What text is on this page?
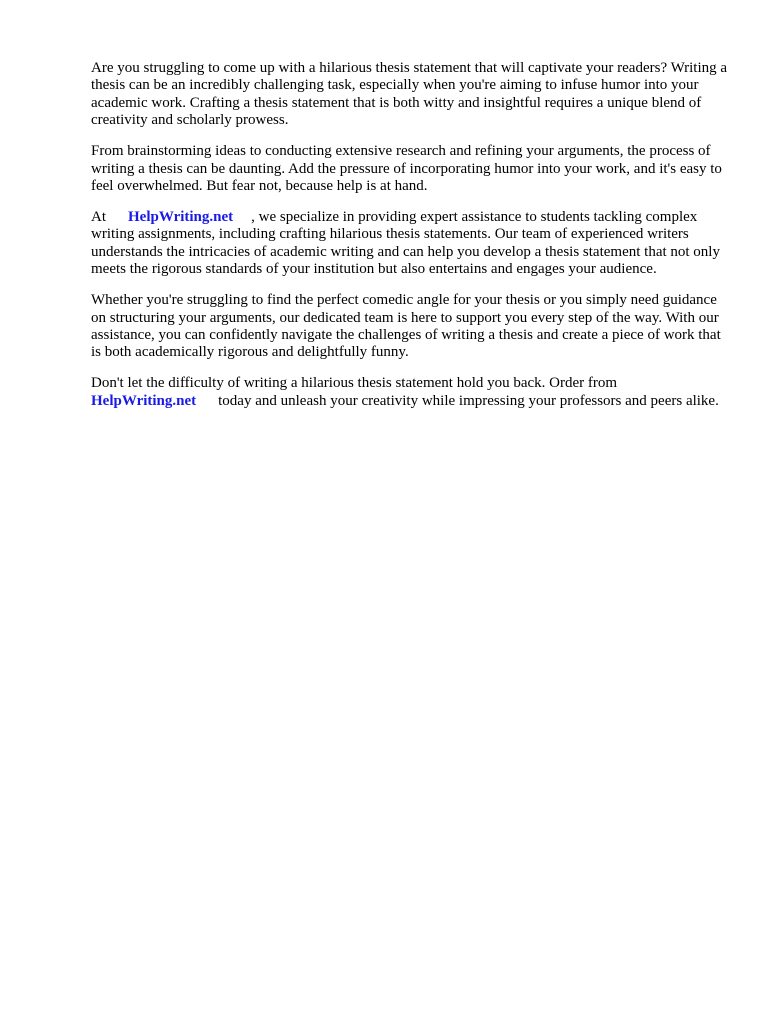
Are you struggling to come up with a hilarious thesis statement that will captivate your readers? Writing a thesis can be an incredibly challenging task, especially when you're aiming to infuse humor into your academic work. Crafting a thesis statement that is both witty and insightful requires a unique blend of creativity and scholarly prowess.

From brainstorming ideas to conducting extensive research and refining your arguments, the process of writing a thesis can be daunting. Add the pressure of incorporating humor into your work, and it's easy to feel overwhelmed. But fear not, because help is at hand.

At HelpWriting.net , we specialize in providing expert assistance to students tackling complex writing assignments, including crafting hilarious thesis statements. Our team of experienced writers understands the intricacies of academic writing and can help you develop a thesis statement that not only meets the rigorous standards of your institution but also entertains and engages your audience.

Whether you're struggling to find the perfect comedic angle for your thesis or you simply need guidance on structuring your arguments, our dedicated team is here to support you every step of the way. With our assistance, you can confidently navigate the challenges of writing a thesis and create a piece of work that is both academically rigorous and delightfully funny.

Don't let the difficulty of writing a hilarious thesis statement hold you back. Order from
HelpWriting.net today and unleash your creativity while impressing your professors and peers alike.
